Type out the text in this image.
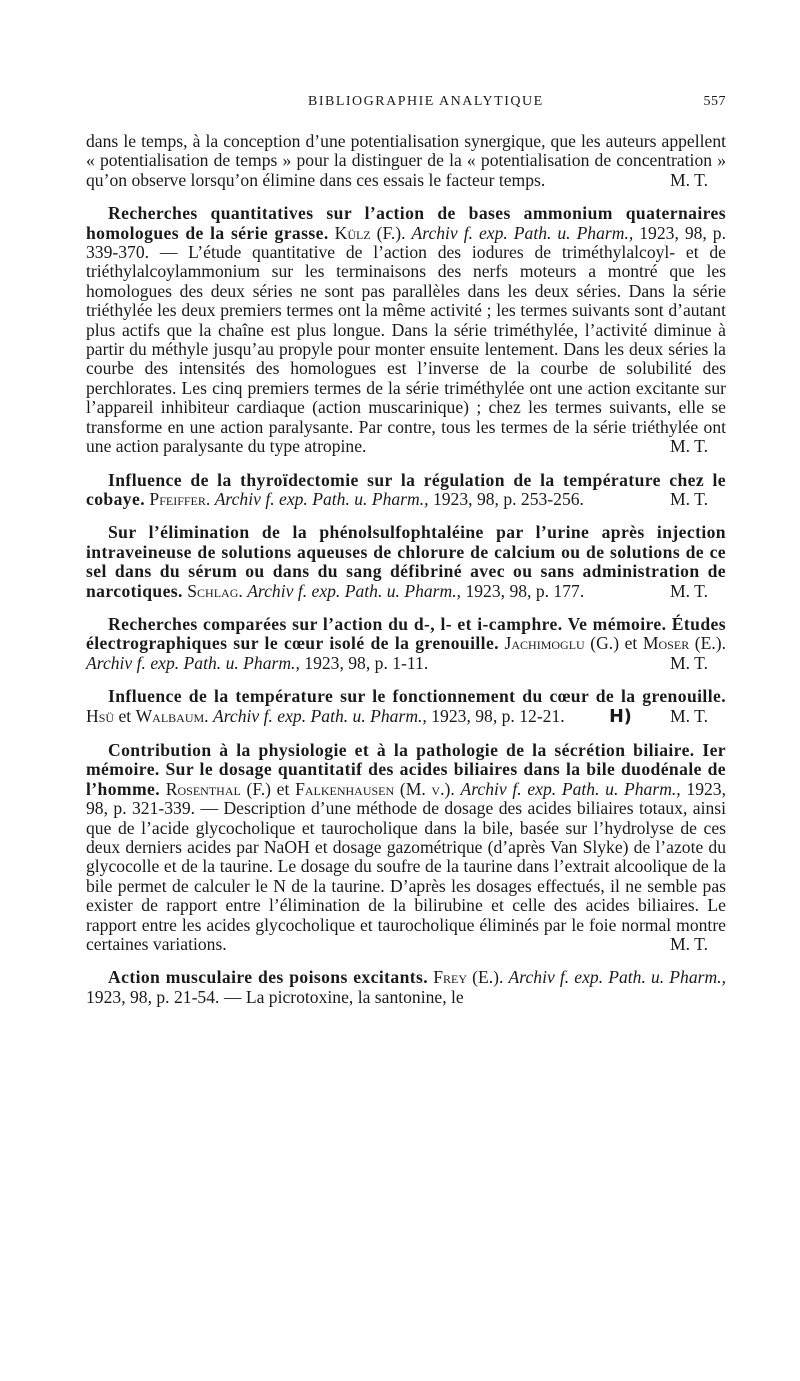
BIBLIOGRAPHIE ANALYTIQUE	557

dans le temps, à la conception d’une potentialisation synergique, que les auteurs appellent « potentialisation de temps » pour la distinguer de la « potentialisation de concentration » qu’on observe lorsqu’on élimine dans ces essais le facteur temps.	M. T.

Recherches quantitatives sur l’action de bases ammonium quaternaires homologues de la série grasse. Külz (F.). Archiv f. exp. Path. u. Pharm., 1923, 98, p. 339-370. — L’étude quantitative de l’action des iodures de triméthylalcoyl- et de triéthylalcoylammonium sur les terminaisons des nerfs moteurs a montré que les homologues des deux séries ne sont pas parallèles dans les deux séries. Dans la série triéthylée les deux premiers termes ont la même activité ; les termes suivants sont d’autant plus actifs que la chaîne est plus longue. Dans la série triméthylée, l’activité diminue à partir du méthyle jusqu’au propyle pour monter ensuite lentement. Dans les deux séries la courbe des intensités des homologues est l’inverse de la courbe de solubilité des perchlorates. Les cinq premiers termes de la série triméthylée ont une action excitante sur l’appareil inhibiteur cardiaque (action muscarinique) ; chez les termes suivants, elle se transforme en une action paralysante. Par contre, tous les termes de la série triéthylée ont une action paralysante du type atropine.	M. T.

Influence de la thyroïdectomie sur la régulation de la température chez le cobaye. Pfeiffer. Archiv f. exp. Path. u. Pharm., 1923, 98, p. 253-256.	M. T.

Sur l’élimination de la phénolsulfophtaléine par l’urine après injection intraveineuse de solutions aqueuses de chlorure de calcium ou de solutions de ce sel dans du sérum ou dans du sang défibriné avec ou sans administration de narcotiques. Schlag. Archiv f. exp. Path. u. Pharm., 1923, 98, p. 177.	M. T.

Recherches comparées sur l’action du d-, l- et i-camphre. Ve mémoire. Études électrographiques sur le cœur isolé de la grenouille. Jachimoglu (G.) et Moser (E.). Archiv f. exp. Path. u. Pharm., 1923, 98, p. 1-11.	M. T.

Influence de la température sur le fonctionnement du cœur de la grenouille. Hsü et Walbaum. Archiv f. exp. Path. u. Pharm., 1923, 98, p. 12-21.	H)	M. T.

Contribution à la physiologie et à la pathologie de la sécrétion biliaire. Ier mémoire. Sur le dosage quantitatif des acides biliaires dans la bile duodénale de l’homme. Rosenthal (F.) et Falkenhausen (M. v.). Archiv f. exp. Path. u. Pharm., 1923, 98, p. 321-339. — Description d’une méthode de dosage des acides biliaires totaux, ainsi que de l’acide glycocholique et taurocholique dans la bile, basée sur l’hydrolyse de ces deux derniers acides par NaOH et dosage gazométrique (d’après Van Slyke) de l’azote du glycocolle et de la taurine. Le dosage du soufre de la taurine dans l’extrait alcoolique de la bile permet de calculer le N de la taurine. D’après les dosages effectués, il ne semble pas exister de rapport entre l’élimination de la bilirubine et celle des acides biliaires. Le rapport entre les acides glycocholique et taurocholique éliminés par le foie normal montre certaines variations.	M. T.

Action musculaire des poisons excitants. Frey (E.). Archiv f. exp. Path. u. Pharm., 1923, 98, p. 21-54. — La picrotoxine, la santonine, le
